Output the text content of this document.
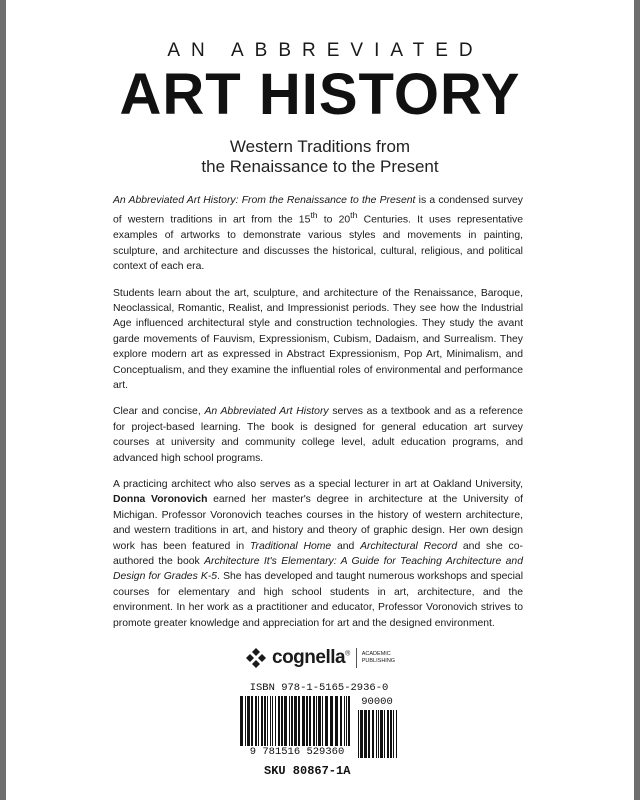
AN ABBREVIATED
ART HISTORY
Western Traditions from
the Renaissance to the Present

An Abbreviated Art History: From the Renaissance to the Present is a condensed survey of western traditions in art from the 15th to 20th Centuries. It uses representative examples of artworks to demonstrate various styles and movements in painting, sculpture, and architecture and discusses the historical, cultural, religious, and political context of each era.

Students learn about the art, sculpture, and architecture of the Renaissance, Baroque, Neoclassical, Romantic, Realist, and Impressionist periods. They see how the Industrial Age influenced architectural style and construction technologies. They study the avant garde movements of Fauvism, Expressionism, Cubism, Dadaism, and Surrealism. They explore modern art as expressed in Abstract Expressionism, Pop Art, Minimalism, and Conceptualism, and they examine the influential roles of environmental and performance art.

Clear and concise, An Abbreviated Art History serves as a textbook and as a reference for project-based learning. The book is designed for general education art survey courses at university and community college level, adult education programs, and advanced high school programs.

A practicing architect who also serves as a special lecturer in art at Oakland University, Donna Voronovich earned her master's degree in architecture at the University of Michigan. Professor Voronovich teaches courses in the history of western architecture, and western traditions in art, and history and theory of graphic design. Her own design work has been featured in Traditional Home and Architectural Record and she co-authored the book Architecture It's Elementary: A Guide for Teaching Architecture and Design for Grades K-5. She has developed and taught numerous workshops and special courses for elementary and high school students in art, architecture, and the environment. In her work as a practitioner and educator, Professor Voronovich strives to promote greater knowledge and appreciation for art and the designed environment.

cognella® ACADEMIC
PUBLISHING
ISBN 978-1-5165-2936-0
90000
9 781516 529360
SKU 80867-1A
